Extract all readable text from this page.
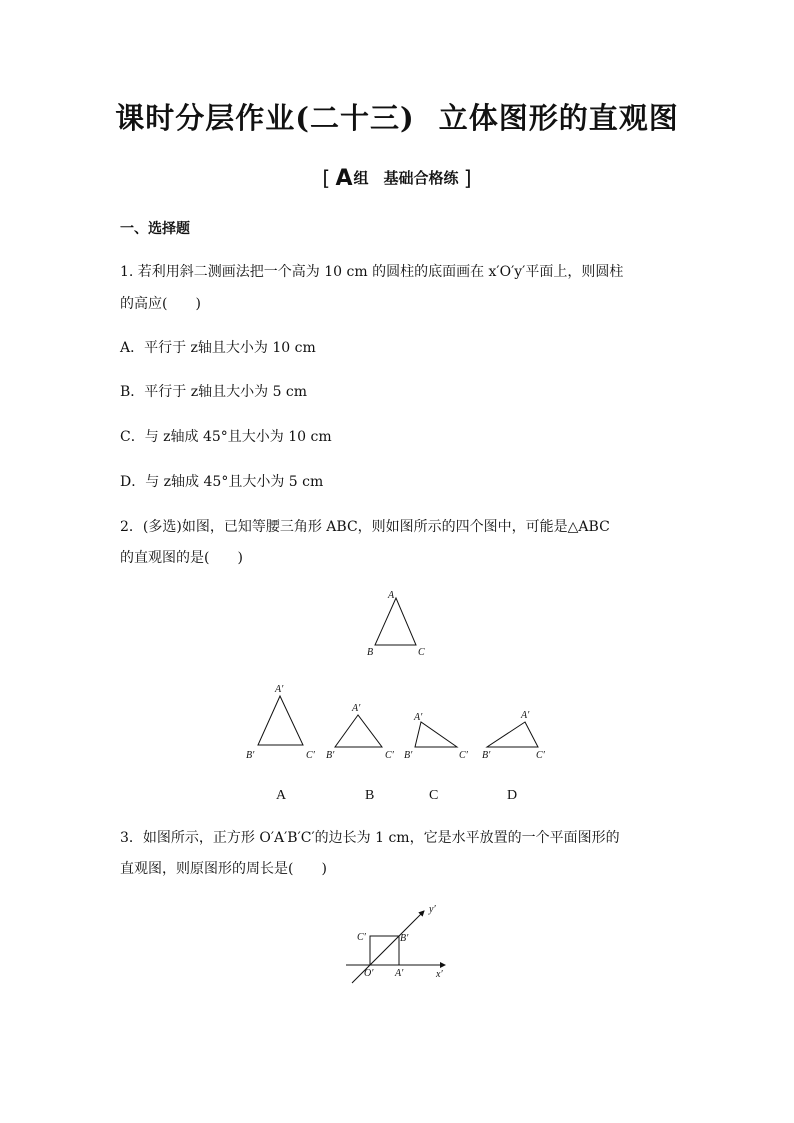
课时分层作业(二十三) 立体图形的直观图
[ A组　基础合格练 ]
一、选择题
1. 若利用斜二测画法把一个高为 10 cm 的圆柱的底面画在 x′O′y′平面上，则圆柱
的高应(　　)
A．平行于 z轴且大小为 10 cm
B．平行于 z轴且大小为 5 cm
C．与 z轴成 45°且大小为 10 cm
D．与 z轴成 45°且大小为 5 cm
2．(多选)如图，已知等腰三角形 ABC，则如图所示的四个图中，可能是△ABC
的直观图的是(　　)
A
B	C
A′
B′	C′
A′
B′	C′
A′
B′	C′
A′
B′	C′
A	B	C	D
3．如图所示，正方形 O′A′B′C′的边长为 1 cm，它是水平放置的一个平面图形的
直观图，则原图形的周长是(　　)
y′
C′	B′
O′ A′	x′
